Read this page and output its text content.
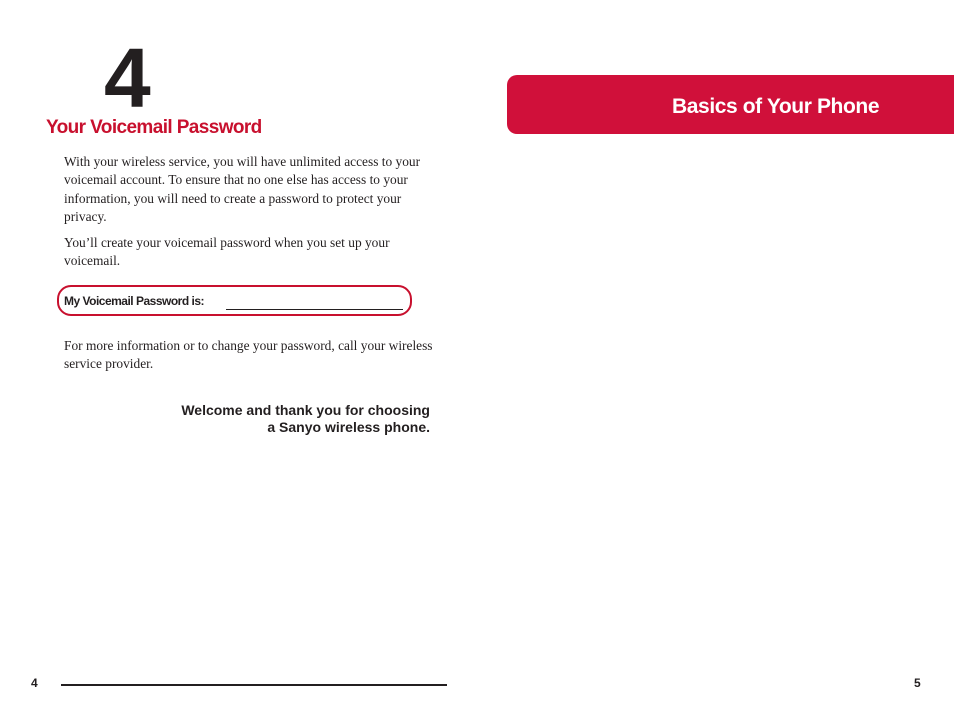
4
Your Voicemail Password

With your wireless service, you will have unlimited access to your voicemail account. To ensure that no one else has access to your information, you will need to create a password to protect your privacy.

You’ll create your voicemail password when you set up your voicemail.

My Voicemail Password is:

For more information or to change your password, call your wireless service provider.

Welcome and thank you for choosing
a Sanyo wireless phone.
4
Basics of Your Phone
5
